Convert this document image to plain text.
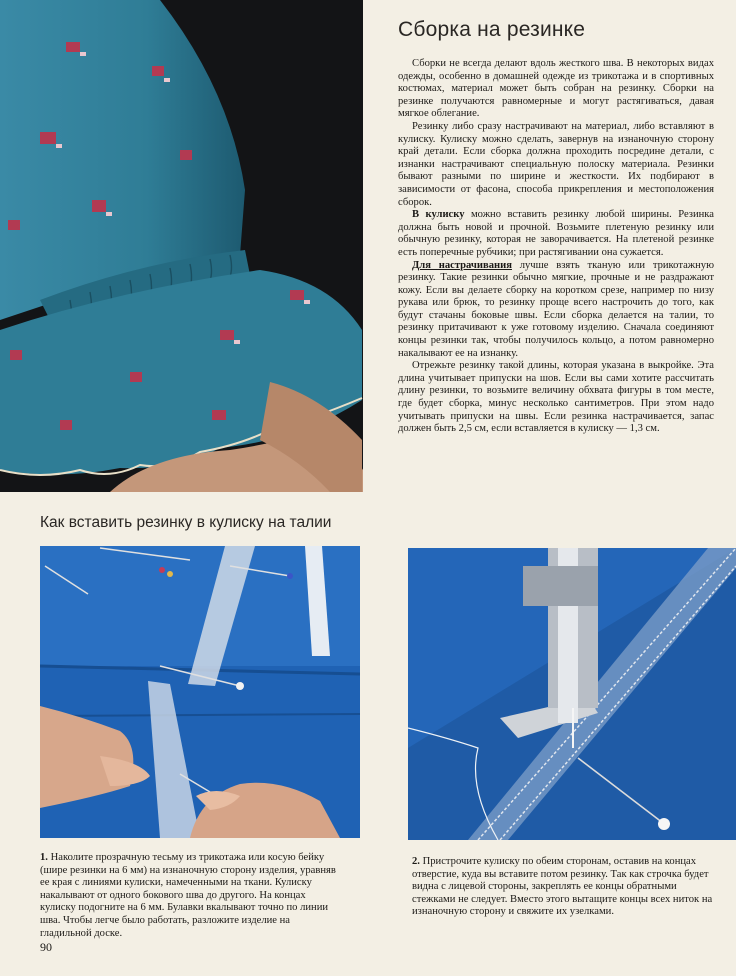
Сборка на резинке

Сборки не всегда делают вдоль жесткого шва. В некоторых видах одежды, особенно в домашней одежде из трикотажа и в спортивных костюмах, материал может быть собран на резинку. Сборки на резинке получаются равномерные и могут растягиваться, давая мягкое облегание.

Резинку либо сразу настрачивают на материал, либо вставляют в кулиску. Кулиску можно сделать, завернув на изнаночную сторону край детали. Если сборка должна проходить посредине детали, с изнанки настрачивают специальную полоску материала. Резинки бывают разными по ширине и жесткости. Их подбирают в зависимости от фасона, способа прикрепления и местоположения сборок.

В кулиску можно вставить резинку любой ширины. Резинка должна быть новой и прочной. Возьмите плетеную резинку или обычную резинку, которая не заворачивается. На плетеной резинке есть поперечные рубчики; при растягивании она сужается.

Для настрачивания лучше взять тканую или трикотажную резинку. Такие резинки обычно мягкие, прочные и не раздражают кожу. Если вы делаете сборку на коротком срезе, например по низу рукава или брюк, то резинку проще всего настрочить до того, как будут стачаны боковые швы. Если сборка делается на талии, то резинку притачивают к уже готовому изделию. Сначала соединяют концы резинки так, чтобы получилось кольцо, а потом равномерно накалывают ее на изнанку.

Отрежьте резинку такой длины, которая указана в выкройке. Эта длина учитывает припуски на шов. Если вы сами хотите рассчитать длину резинки, то возьмите величину обхвата фигуры в том месте, где будет сборка, минус несколько сантиметров. При этом надо учитывать припуски на швы. Если резинка настрачивается, запас должен быть 2,5 см, если вставляется в кулиску — 1,3 см.

Как вставить резинку в кулиску на талии
1. Наколите прозрачную тесьму из трикотажа или косую бейку (шире резинки на 6 мм) на изнаночную сторону изделия, уравняв ее края с линиями кулиски, намеченными на ткани. Кулиску накалывают от одного бокового шва до другого. На концах кулиску подогните на 6 мм. Булавки вкалывают точно по линии шва. Чтобы легче было работать, разложите изделие на гладильной доске.
2. Пристрочите кулиску по обеим сторонам, оставив на концах отверстие, куда вы вставите потом резинку. Так как строчка будет видна с лицевой стороны, закреплять ее концы обратными стежками не следует. Вместо этого вытащите концы всех ниток на изнаночную сторону и свяжите их узелками.
90
